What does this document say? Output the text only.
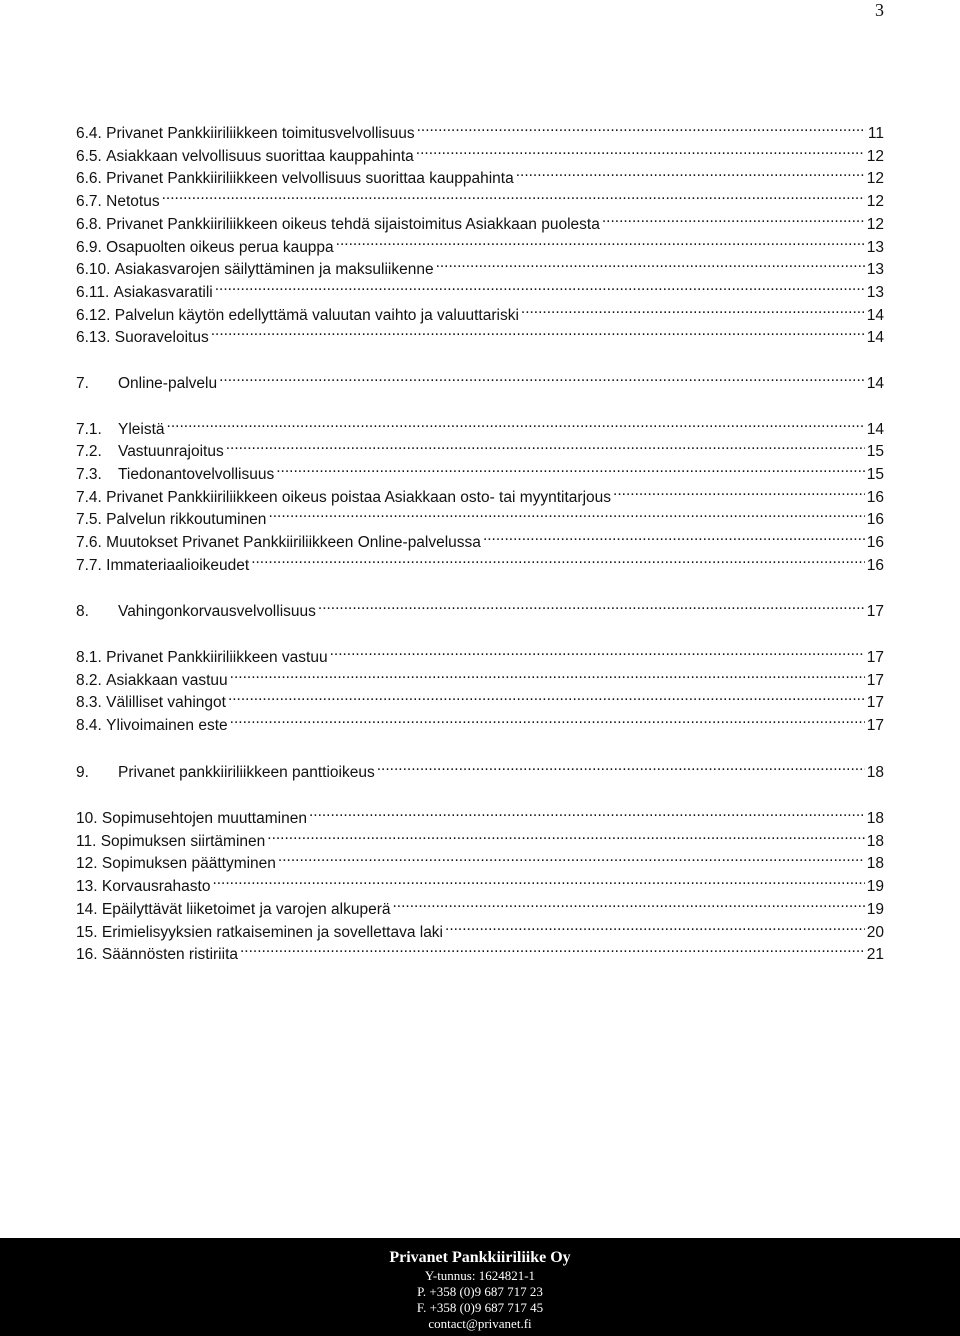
3
6.4.
Privanet Pankkiiriliikkeen toimitusvelvollisuus .....	11
6.5.
Asiakkaan velvollisuus suorittaa kauppahinta .....	12
6.6.
Privanet Pankkiiriliikkeen velvollisuus suorittaa kauppahinta .....	12
6.7.
Netotus .....	12
6.8.
Privanet Pankkiiriliikkeen oikeus tehdä sijaistoimitus Asiakkaan puolesta .....	12
6.9.
Osapuolten oikeus perua kauppa .....	13
6.10.
Asiakasvarojen säilyttäminen ja maksuliikenne .....	13
6.11.
Asiakasvaratili .....	13
6.12.
Palvelun käytön edellyttämä valuutan vaihto ja valuuttariski .....	14
6.13.
Suoraveloitus .....	14
7.	Online-palvelu .....	14
7.1.	Yleistä .....	14
7.2.	Vastuunrajoitus .....	15
7.3.	Tiedonantovelvollisuus .....	15
7.4.
Privanet Pankkiiriliikkeen oikeus poistaa Asiakkaan osto- tai myyntitarjous .....	16
7.5.
Palvelun rikkoutuminen .....	16
7.6.
Muutokset Privanet Pankkiiriliikkeen Online-palvelussa .....	16
7.7.
Immateriaalioikeudet .....	16
8.	Vahingonkorvausvelvollisuus .....	17
8.1.
Privanet Pankkiiriliikkeen vastuu .....	17
8.2.
Asiakkaan vastuu .....	17
8.3.
Välilliset vahingot .....	17
8.4.
Ylivoimainen este .....	17
9.	Privanet pankkiiriliikkeen panttioikeus .....	18
10.
Sopimusehtojen muuttaminen .....	18
11.
Sopimuksen siirtäminen .....	18
12.
Sopimuksen päättyminen .....	18
13.
Korvausrahasto .....	19
14.
Epäilyttävät liiketoimet ja varojen alkuperä .....	19
15.
Erimielisyyksien ratkaiseminen ja sovellettava laki .....	20
16.
Säännösten ristiriita .....	21
Privanet Pankkiiriliike Oy
Y-tunnus: 1624821-1
P. +358 (0)9 687 717 23
F. +358 (0)9 687 717 45
contact@privanet.fi
